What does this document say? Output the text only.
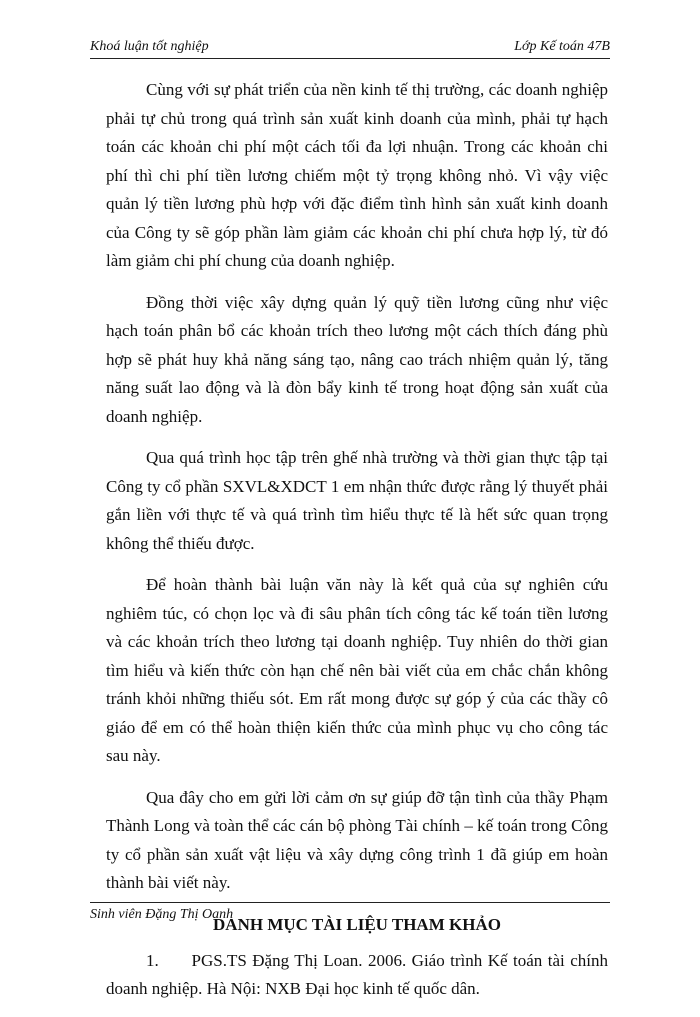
Khoá luận tốt nghiệp	Lớp Kế toán 47B

Cùng với sự phát triển của nền kinh tế thị trường, các doanh nghiệp phải tự chủ trong quá trình sản xuất kinh doanh của mình, phải tự hạch toán các khoản chi phí một cách tối đa lợi nhuận. Trong các khoản chi phí thì chi phí tiền lương chiếm một tỷ trọng không nhỏ. Vì vậy việc quản lý tiền lương phù hợp với đặc điểm tình hình sản xuất kinh doanh của Công ty sẽ góp phần làm giảm các khoản chi phí chưa hợp lý, từ đó làm giảm chi phí chung của doanh nghiệp.

Đồng thời việc xây dựng quản lý quỹ tiền lương cũng như việc hạch toán phân bổ các khoản trích theo lương một cách thích đáng phù hợp sẽ phát huy khả năng sáng tạo, nâng cao trách nhiệm quản lý, tăng năng suất lao động và là đòn bẩy kinh tế trong hoạt động sản xuất của doanh nghiệp.

Qua quá trình học tập trên ghế nhà trường và thời gian thực tập tại Công ty cổ phần SXVL&XDCT 1 em nhận thức được rằng lý thuyết phải gắn liền với thực tế và quá trình tìm hiểu thực tế là hết sức quan trọng không thể thiếu được.

Để hoàn thành bài luận văn này là kết quả của sự nghiên cứu nghiêm túc, có chọn lọc và đi sâu phân tích công tác kế toán tiền lương và các khoản trích theo lương tại doanh nghiệp. Tuy nhiên do thời gian tìm hiểu và kiến thức còn hạn chế nên bài viết của em chắc chắn không tránh khỏi những thiếu sót. Em rất mong được sự góp ý của các thầy cô giáo để em có thể hoàn thiện kiến thức của mình phục vụ cho công tác sau này.

Qua đây cho em gửi lời cảm ơn sự giúp đỡ tận tình của thầy Phạm Thành Long và toàn thể các cán bộ phòng Tài chính – kế toán trong Công ty cổ phần sản xuất vật liệu và xây dựng công trình 1 đã giúp em hoàn thành bài viết này.

DANH MỤC TÀI LIỆU THAM KHẢO

1.      PGS.TS Đặng Thị Loan. 2006. Giáo trình Kế toán tài chính doanh nghiệp. Hà Nội: NXB Đại học kinh tế quốc dân.

Sinh viên Đặng Thị Oanh
